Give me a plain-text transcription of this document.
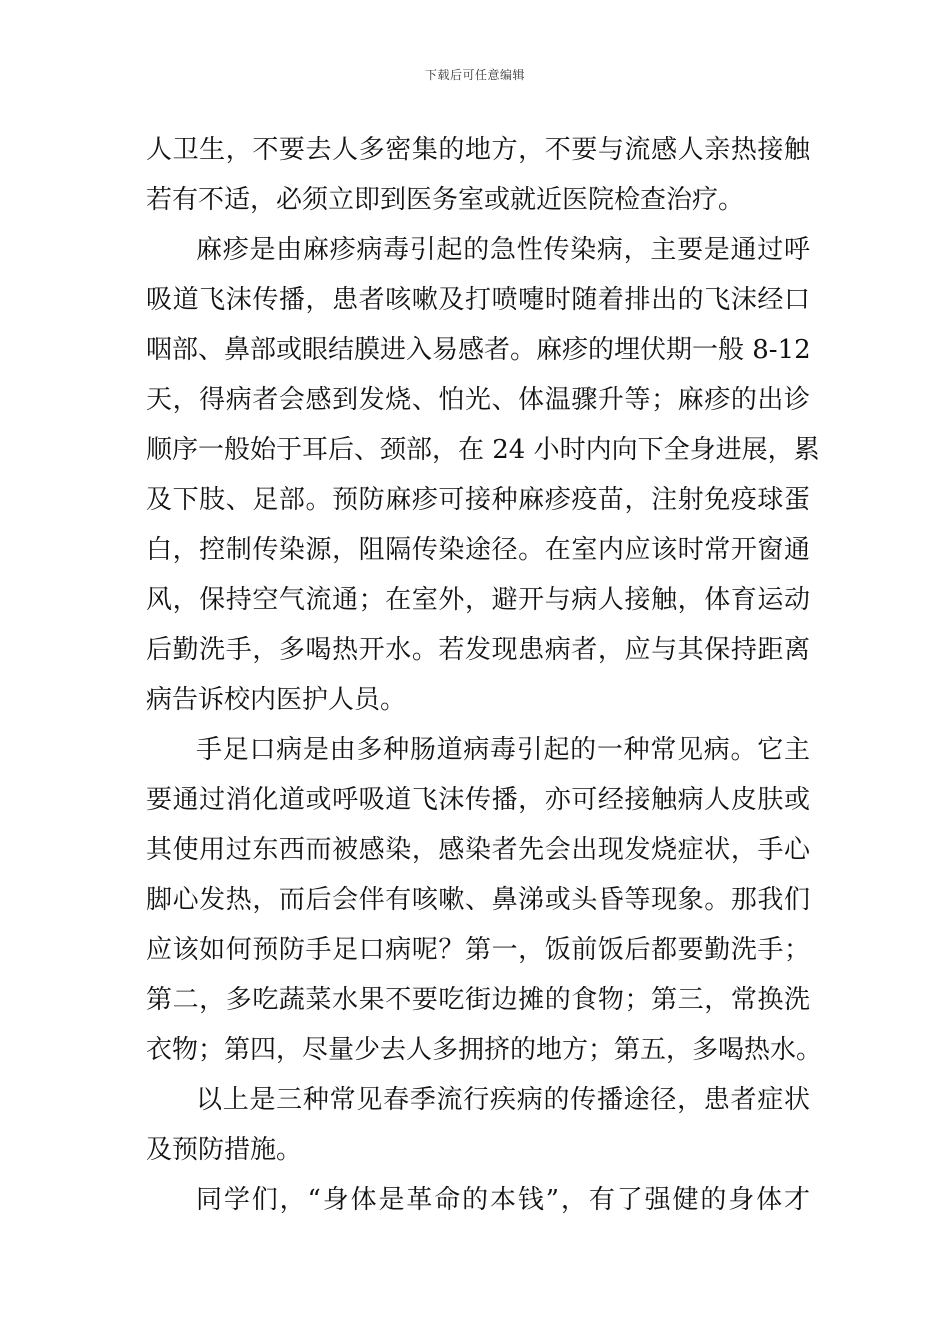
下载后可任意编辑
人卫生，不要去人多密集的地方，不要与流感人亲热接触
若有不适，必须立即到医务室或就近医院检查治疗。
麻疹是由麻疹病毒引起的急性传染病，主要是通过呼
吸道飞沫传播，患者咳嗽及打喷嚏时随着排出的飞沫经口
咽部、鼻部或眼结膜进入易感者。麻疹的埋伏期一般 8-12
天，得病者会感到发烧、怕光、体温骤升等；麻疹的出诊
顺序一般始于耳后、颈部，在 24 小时内向下全身进展，累
及下肢、足部。预防麻疹可接种麻疹疫苗，注射免疫球蛋
白，控制传染源，阻隔传染途径。在室内应该时常开窗通
风，保持空气流通；在室外，避开与病人接触，体育运动
后勤洗手，多喝热开水。若发现患病者，应与其保持距离
病告诉校内医护人员。
手足口病是由多种肠道病毒引起的一种常见病。它主
要通过消化道或呼吸道飞沫传播，亦可经接触病人皮肤或
其使用过东西而被感染，感染者先会出现发烧症状，手心
脚心发热，而后会伴有咳嗽、鼻涕或头昏等现象。那我们
应该如何预防手足口病呢？第一，饭前饭后都要勤洗手；
第二，多吃蔬菜水果不要吃街边摊的食物；第三，常换洗
衣物；第四，尽量少去人多拥挤的地方；第五，多喝热水。
以上是三种常见春季流行疾病的传播途径，患者症状
及预防措施。
同学们，“身体是革命的本钱”，有了强健的身体才
